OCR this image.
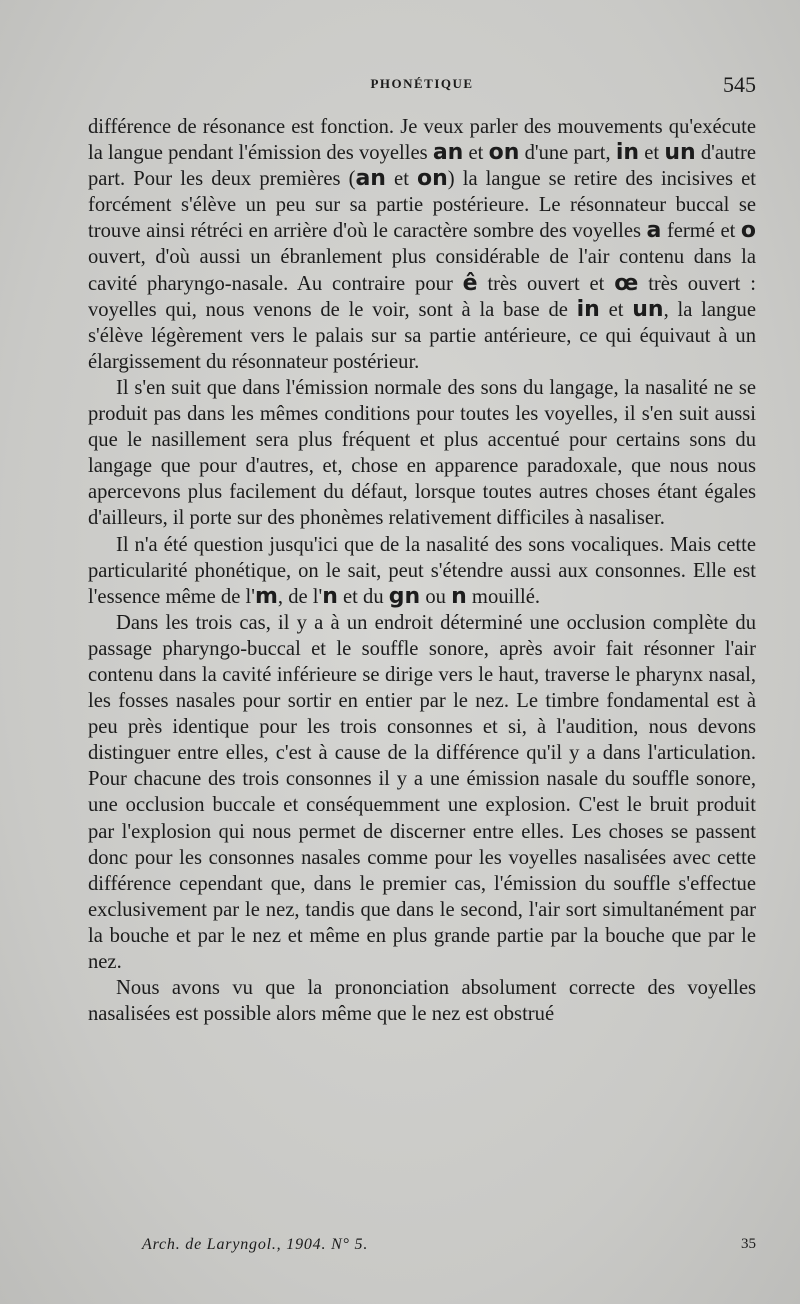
PHONÉTIQUE	545

différence de résonance est fonction. Je veux parler des mouvements qu'exécute la langue pendant l'émission des voyelles an et on d'une part, in et un d'autre part. Pour les deux premières (an et on) la langue se retire des incisives et forcément s'élève un peu sur sa partie postérieure. Le résonnateur buccal se trouve ainsi rétréci en arrière d'où le caractère sombre des voyelles a fermé et o ouvert, d'où aussi un ébranlement plus considérable de l'air contenu dans la cavité pharyngo-nasale. Au contraire pour ê très ouvert et œ très ouvert : voyelles qui, nous venons de le voir, sont à la base de in et un, la langue s'élève légèrement vers le palais sur sa partie antérieure, ce qui équivaut à un élargissement du résonnateur postérieur.

Il s'en suit que dans l'émission normale des sons du langage, la nasalité ne se produit pas dans les mêmes conditions pour toutes les voyelles, il s'en suit aussi que le nasillement sera plus fréquent et plus accentué pour certains sons du langage que pour d'autres, et, chose en apparence paradoxale, que nous nous apercevons plus facilement du défaut, lorsque toutes autres choses étant égales d'ailleurs, il porte sur des phonèmes relativement difficiles à nasaliser.

Il n'a été question jusqu'ici que de la nasalité des sons vocaliques. Mais cette particularité phonétique, on le sait, peut s'étendre aussi aux consonnes. Elle est l'essence même de l'm, de l'n et du gn ou n mouillé.

Dans les trois cas, il y a à un endroit déterminé une occlusion complète du passage pharyngo-buccal et le souffle sonore, après avoir fait résonner l'air contenu dans la cavité inférieure se dirige vers le haut, traverse le pharynx nasal, les fosses nasales pour sortir en entier par le nez. Le timbre fondamental est à peu près identique pour les trois consonnes et si, à l'audition, nous devons distinguer entre elles, c'est à cause de la différence qu'il y a dans l'articulation. Pour chacune des trois consonnes il y a une émission nasale du souffle sonore, une occlusion buccale et conséquemment une explosion. C'est le bruit produit par l'explosion qui nous permet de discerner entre elles. Les choses se passent donc pour les consonnes nasales comme pour les voyelles nasalisées avec cette différence cependant que, dans le premier cas, l'émission du souffle s'effectue exclusivement par le nez, tandis que dans le second, l'air sort simultanément par la bouche et par le nez et même en plus grande partie par la bouche que par le nez.

Nous avons vu que la prononciation absolument correcte des voyelles nasalisées est possible alors même que le nez est obstrué

Arch. de Laryngol., 1904. N° 5.	35
